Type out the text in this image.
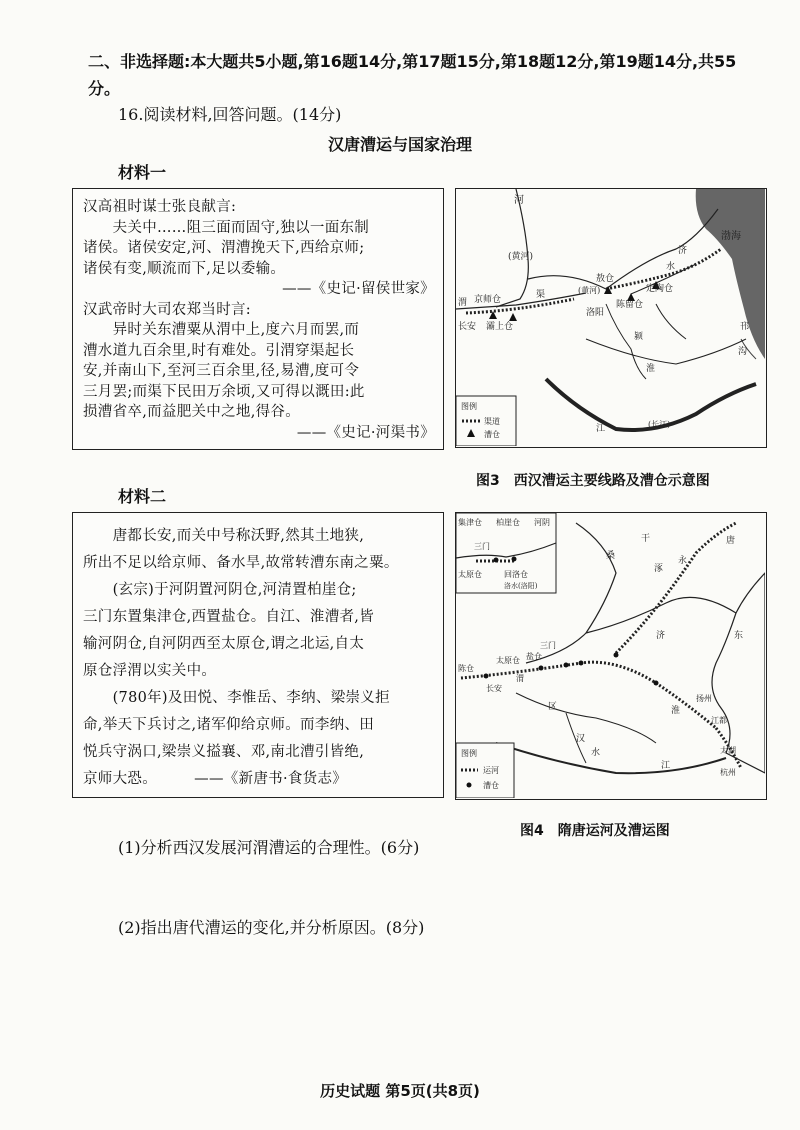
二、非选择题:本大题共5小题,第16题14分,第17题15分,第18题12分,第19题14分,共55分。
16.阅读材料,回答问题。(14分)
汉唐漕运与国家治理
材料一

汉高祖时谋士张良献言:

　　夫关中……阻三面而固守,独以一面东制

诸侯。诸侯安定,河、渭漕挽天下,西给京师;

诸侯有变,顺流而下,足以委输。

——《史记·留侯世家》

汉武帝时大司农郑当时言:

　　异时关东漕粟从渭中上,度六月而罢,而

漕水道九百余里,时有难处。引渭穿渠起长

安,并南山下,至河三百余里,径,易漕,度可令

三月罢;而渠下民田万余顷,又可得以溉田:此

损漕省卒,而益肥关中之地,得谷。

——《史记·河渠书》

渤海
河
(黄河)
济
水
渭 京师仓	渠
长安 灞上仓
(黄河)
敖仓
定陶仓
陈留仓
洛阳
颍
淮
邗
沟
江	(长江)
图例
渠道
漕仓
图3　西汉漕运主要线路及漕仓示意图
材料二

　　唐都长安,而关中号称沃野,然其土地狭,

所出不足以给京师、备水旱,故常转漕东南之粟。

　　(玄宗)于河阴置河阴仓,河清置柏崖仓;

三门东置集津仓,西置盐仓。自江、淮漕者,皆

输河阴仓,自河阴西至太原仓,谓之北运,自太

原仓浮渭以实关中。

　　(780年)及田悦、李惟岳、李纳、梁崇义拒

命,举天下兵讨之,诸军仰给京师。而李纳、田

悦兵守涡口,梁崇义搤襄、邓,南北漕引皆绝,

京师大恐。　　　——《新唐书·食货志》

集津仓 柏崖仓 河阴
三门
太原仓	回洛仓
洛水(洛阳)
三门
盐仓
太原仓
长安
陈仓
渭
桑
干
涿
永
济
淮
扬州
江都
东
唐
太湖
杭州
江
汉
水
区
图例
运河
漕仓
图4　隋唐运河及漕运图
(1)分析西汉发展河渭漕运的合理性。(6分)
(2)指出唐代漕运的变化,并分析原因。(8分)
历史试题 第5页(共8页)
